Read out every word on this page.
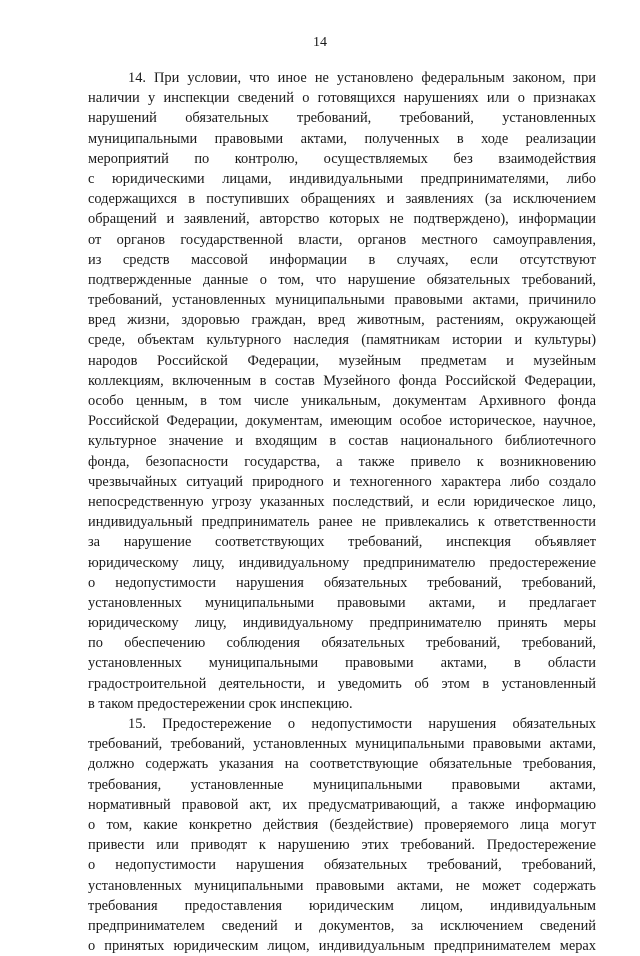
14
14. При условии, что иное не установлено федеральным законом, при
наличии у инспекции сведений о готовящихся нарушениях или о признаках
нарушений обязательных требований, требований, установленных
муниципальными правовыми актами, полученных в ходе реализации
мероприятий по контролю, осуществляемых без взаимодействия
с юридическими лицами, индивидуальными предпринимателями, либо
содержащихся в поступивших обращениях и заявлениях (за исключением
обращений и заявлений, авторство которых не подтверждено), информации
от органов государственной власти, органов местного самоуправления,
из средств массовой информации в случаях, если отсутствуют
подтвержденные данные о том, что нарушение обязательных требований,
требований, установленных муниципальными правовыми актами, причинило
вред жизни, здоровью граждан, вред животным, растениям, окружающей
среде, объектам культурного наследия (памятникам истории и культуры)
народов Российской Федерации, музейным предметам и музейным
коллекциям, включенным в состав Музейного фонда Российской Федерации,
особо ценным, в том числе уникальным, документам Архивного фонда
Российской Федерации, документам, имеющим особое историческое, научное,
культурное значение и входящим в состав национального библиотечного
фонда, безопасности государства, а также привело к возникновению
чрезвычайных ситуаций природного и техногенного характера либо создало
непосредственную угрозу указанных последствий, и если юридическое лицо,
индивидуальный предприниматель ранее не привлекались к ответственности
за нарушение соответствующих требований, инспекция объявляет
юридическому лицу, индивидуальному предпринимателю предостережение
о недопустимости нарушения обязательных требований, требований,
установленных муниципальными правовыми актами, и предлагает
юридическому лицу, индивидуальному предпринимателю принять меры
по обеспечению соблюдения обязательных требований, требований,
установленных муниципальными правовыми актами, в области
градостроительной деятельности, и уведомить об этом в установленный
в таком предостережении срок инспекцию.
15. Предостережение о недопустимости нарушения обязательных
требований, требований, установленных муниципальными правовыми актами,
должно содержать указания на соответствующие обязательные требования,
требования, установленные муниципальными правовыми актами,
нормативный правовой акт, их предусматривающий, а также информацию
о том, какие конкретно действия (бездействие) проверяемого лица могут
привести или приводят к нарушению этих требований. Предостережение
о недопустимости нарушения обязательных требований, требований,
установленных муниципальными правовыми актами, не может содержать
требования предоставления юридическим лицом, индивидуальным
предпринимателем сведений и документов, за исключением сведений
о принятых юридическим лицом, индивидуальным предпринимателем мерах
